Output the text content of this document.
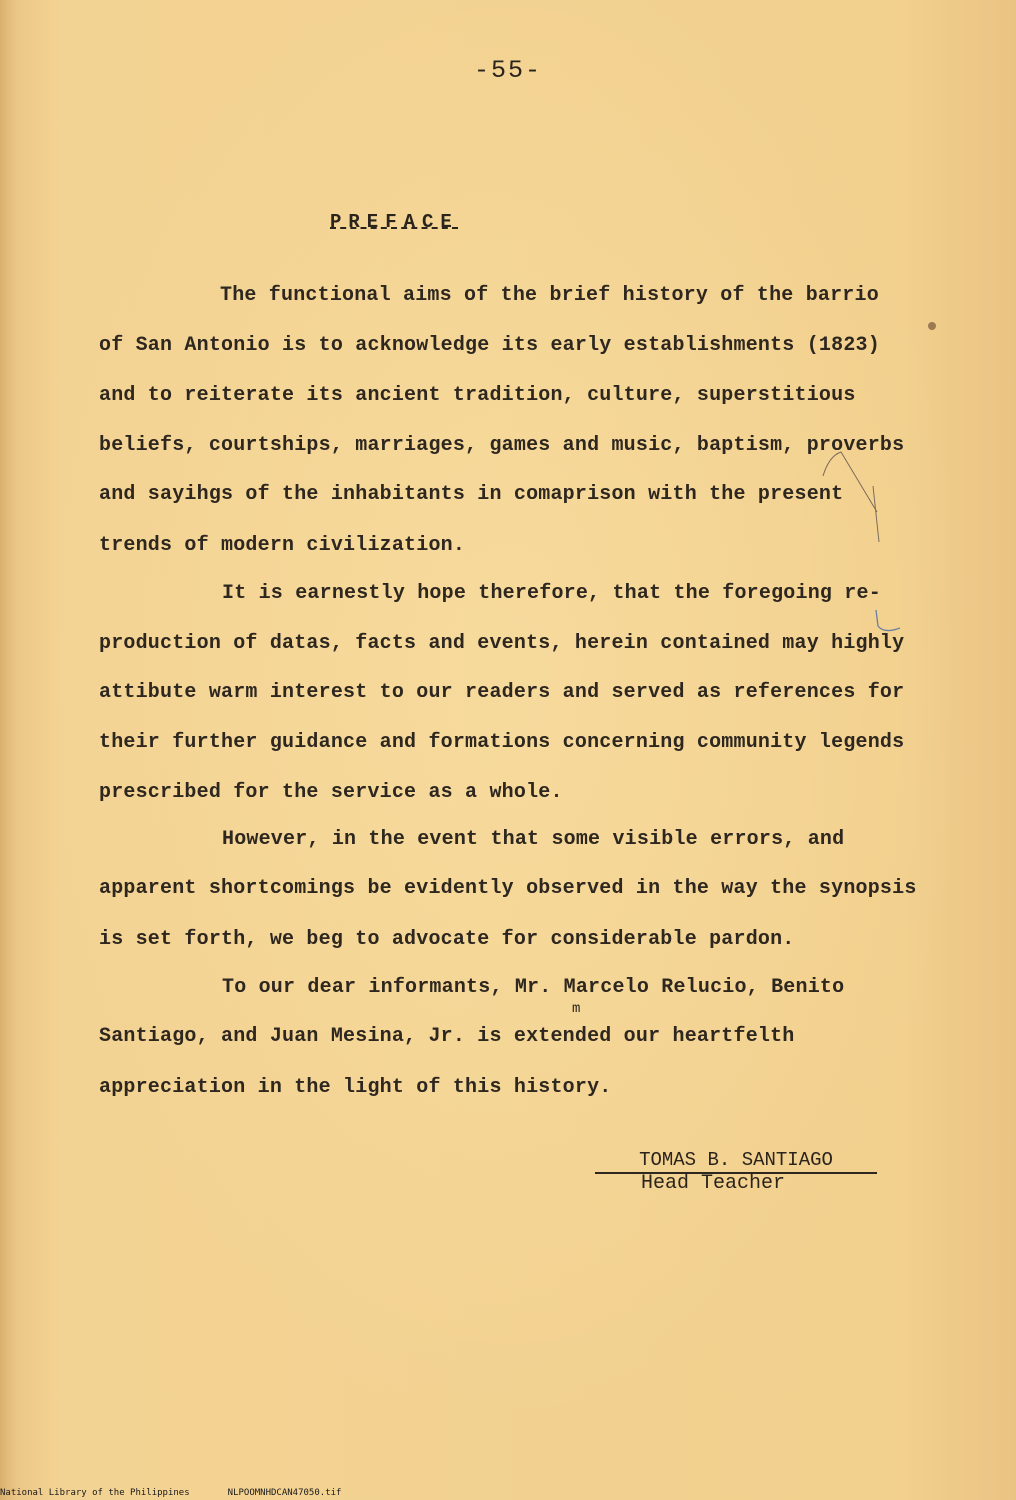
-55-
PREFACE
The functional aims of the brief history of the barrio
of San Antonio is to acknowledge its early establishments (1823)
and to reiterate its ancient tradition, culture, superstitious
beliefs, courtships, marriages, games and music, baptism, proverbs
and sayihgs of the inhabitants in comaprison with the present
trends of modern civilization.
It is earnestly hope therefore, that the foregoing re-
production of datas, facts and events, herein contained may highly
attibute warm interest to our readers and served as references for
their further guidance and formations concerning community legends
prescribed for the service as a whole.
However, in the event that some visible errors, and
apparent shortcomings be evidently observed in the way the synopsis
is set forth, we beg to advocate for considerable pardon.
To our dear informants, Mr. Marcelo Relucio, Benito
m
Santiago, and Juan Mesina, Jr. is extended our heartfelth
appreciation in the light of this history.
TOMAS B. SANTIAGO
Head Teacher
National Library of the Philippines	NLPOOMNHDCAN47050.tif
